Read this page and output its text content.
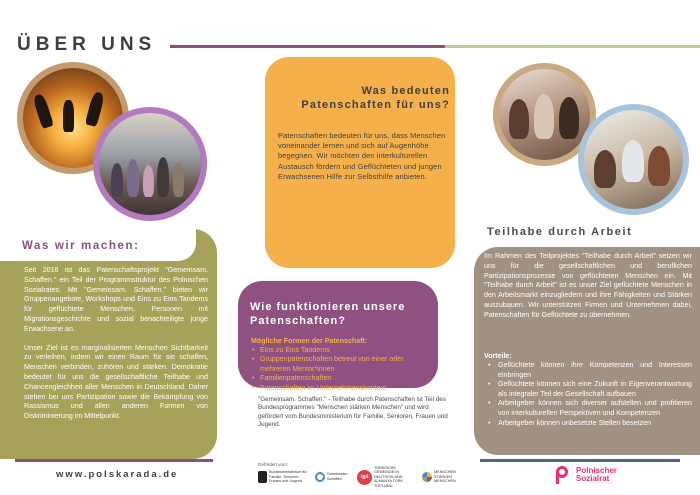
ÜBER UNS
Was bedeuten Patenschaften für uns?

Patenschaften bedeuten für uns, dass Menschen voneinander lernen und sich auf Augenhöhe begegnen. Wir möchten den interkulturellen Austausch fördern und Geflüchteten und jungen Erwachsenen Hilfe zur Selbsthilfe anbieten.

Was wir machen:

Seit 2016 ist das Patenschaftsprojekt "Gemeinsam. Schaffen." ein Teil der Programmstruktur des Polnischen Sozialrates. Mit "Gemeinsam. Schaffen." bieten wir Gruppenangebote, Workshops und Eins zu Eins Tandems für geflüchtete Menschen, Personen mit Migrationsgeschichte und sozial benachteiligte junge Erwachsene an.

Unser Ziel ist es marginalisierten Menschen Sichtbarkeit zu verleihen, indem wir einen Raum für sie schaffen, Menschen verbinden, zuhören und stärken. Demokratie bedeutet für uns die gesellschaftliche Teilhabe und Chancengleichheit aller Menschen in Deutschland. Daher stehen bei uns Partizipation sowie die Bekämpfung von Rassismus und allen anderen Formen von Diskriminierung im Mittelpunkt.

Wie funktionieren unsere Patenschaften?
Mögliche Formen der Patenschaft:
• Eins zu Eins Tandems
• Gruppenpatenschaften betreut von einer oder mehreren Mentor*innen
• Familienpatenschaften
• Patenschaften im Unternehmenskontext
Teilhabe durch Arbeit

Im Rahmen des Teilprojektes "Teilhabe durch Arbeit" setzen wir uns für die gesellschaftlichen und beruflichen Partizipationsprozesse von geflüchteten Menschen ein. Mit "Teilhabe durch Arbeit" ist es unser Ziel geflüchtete Menschen in den Arbeitsmarkt einzugliedern und ihre Fähigkeiten und Stärken auszubauen. Wir unterstützen Firmen und Unternehmen dabei, Patenschaften für Geflüchtete zu übernehmen.

Vorteile:
• Geflüchtete können ihre Kompetenzen und Interessen einbringen
• Geflüchtete können sich eine Zukunft in Eigenverantwortung als integraler Teil der Gesellschaft aufbauen
• Arbeitgeber können sich diverser aufstellen und profitieren von interkulturellen Perspektiven und Kompetenzen
• Arbeitgeber können unbesetzte Stellen besetzen

"Gemeinsam. Schaffen." - Teilhabe durch Patenschaften ist Teil des Bundesprogrammes "Menschen stärken Menschen" und wird gefördert vom Bundesministerium für Familie, Senioren, Frauen und Jugend.

Gefördert vom:
Bundesministerium für Familie, Senioren, Frauen und Jugend
Gemeinsam. Schaffen.	tgd
TÜRKISCHE GEMEINDE IN DEUTSCHLAND ALMANYA TÜRK TOPLUMU
MENSCHEN STÄRKEN MENSCHEN
www.polskarada.de	Polnischer Sozialrat
